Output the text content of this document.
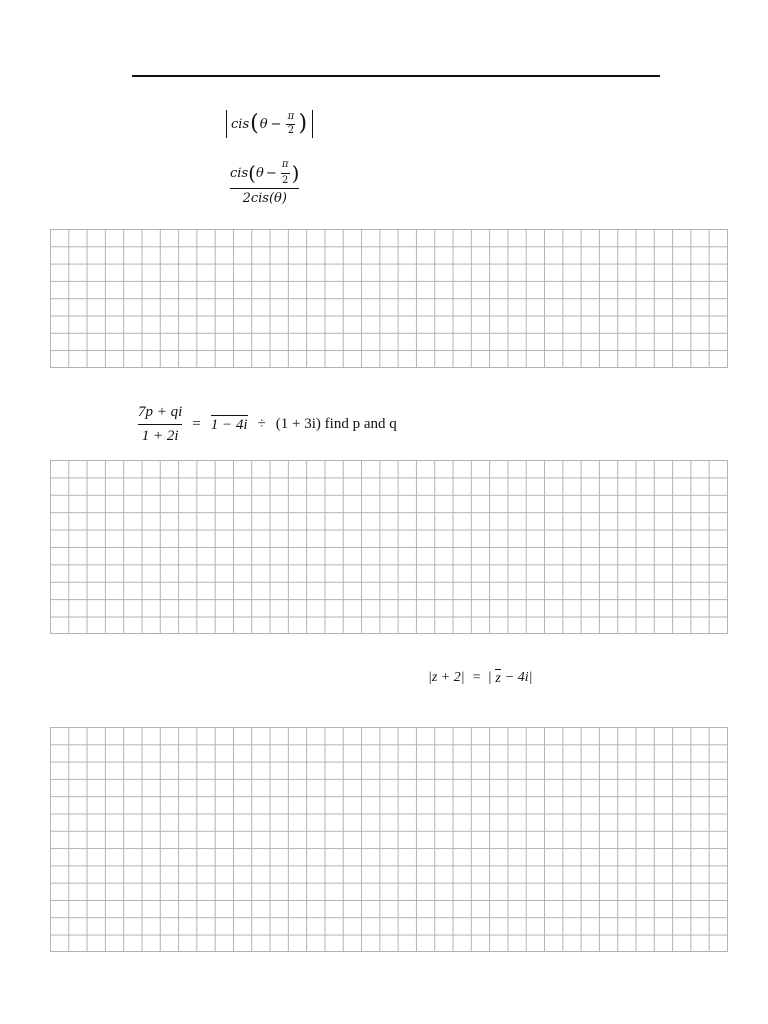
cis ( $\theta - \frac{\pi}{2}$ )
cis ( $\theta - \frac{\pi}{2}$ )
2cis(θ)
$\frac{7p + qi}{1 + 2i} = 1 - 4i \div (1 + 3i)$ find p and q
|z + 2| = | z − 4i|
